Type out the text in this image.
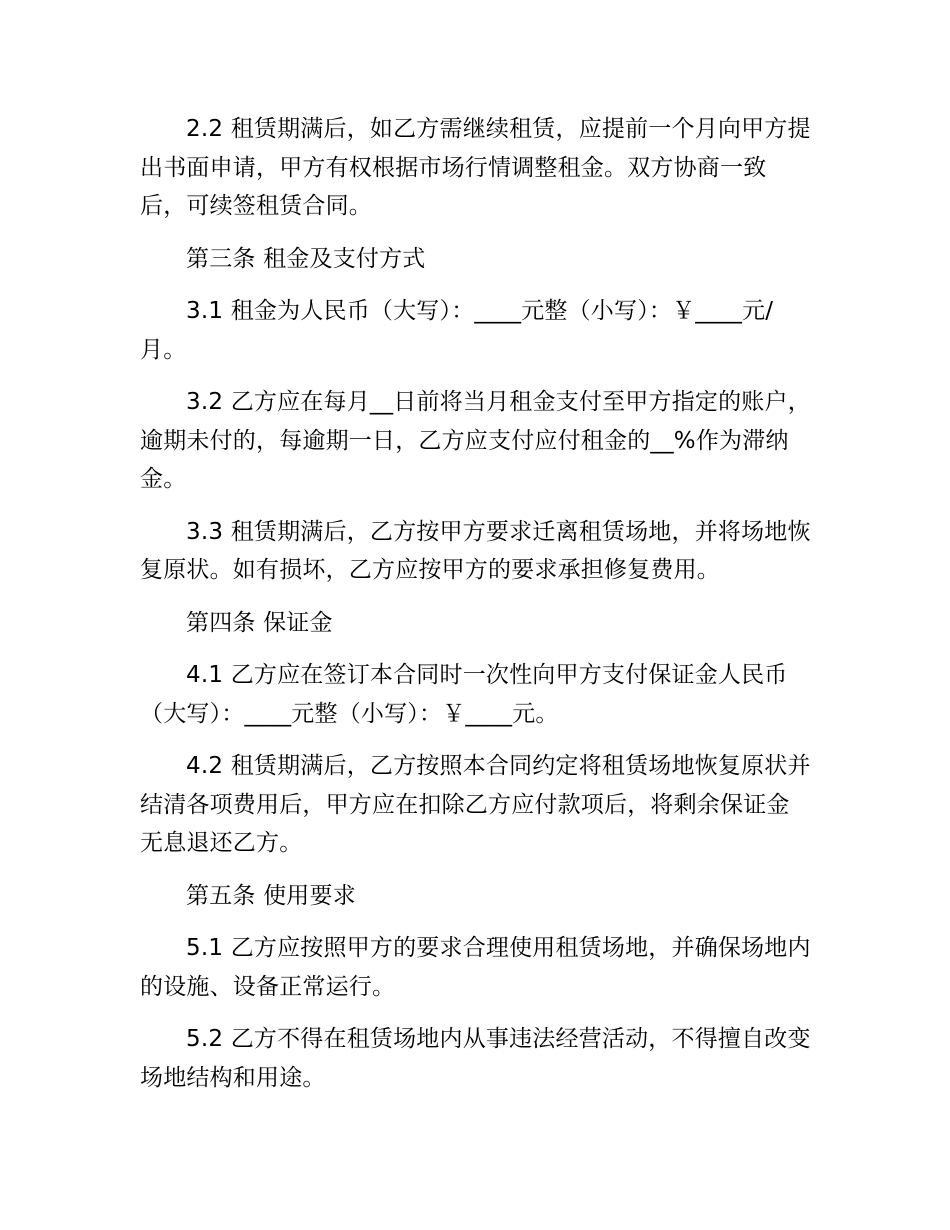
2.2 租赁期满后，如乙方需继续租赁，应提前一个月向甲方提出书面申请，甲方有权根据市场行情调整租金。双方协商一致后，可续签租赁合同。

第三条 租金及支付方式

3.1 租金为人民币（大写）：____元整（小写）：￥____元/月。

3.2 乙方应在每月__日前将当月租金支付至甲方指定的账户，逾期未付的，每逾期一日，乙方应支付应付租金的__%作为滞纳金。

3.3 租赁期满后，乙方按甲方要求迁离租赁场地，并将场地恢复原状。如有损坏，乙方应按甲方的要求承担修复费用。

第四条 保证金

4.1 乙方应在签订本合同时一次性向甲方支付保证金人民币（大写）：____元整（小写）：￥____元。

4.2 租赁期满后，乙方按照本合同约定将租赁场地恢复原状并结清各项费用后，甲方应在扣除乙方应付款项后，将剩余保证金无息退还乙方。

第五条 使用要求

5.1 乙方应按照甲方的要求合理使用租赁场地，并确保场地内的设施、设备正常运行。

5.2 乙方不得在租赁场地内从事违法经营活动，不得擅自改变场地结构和用途。
